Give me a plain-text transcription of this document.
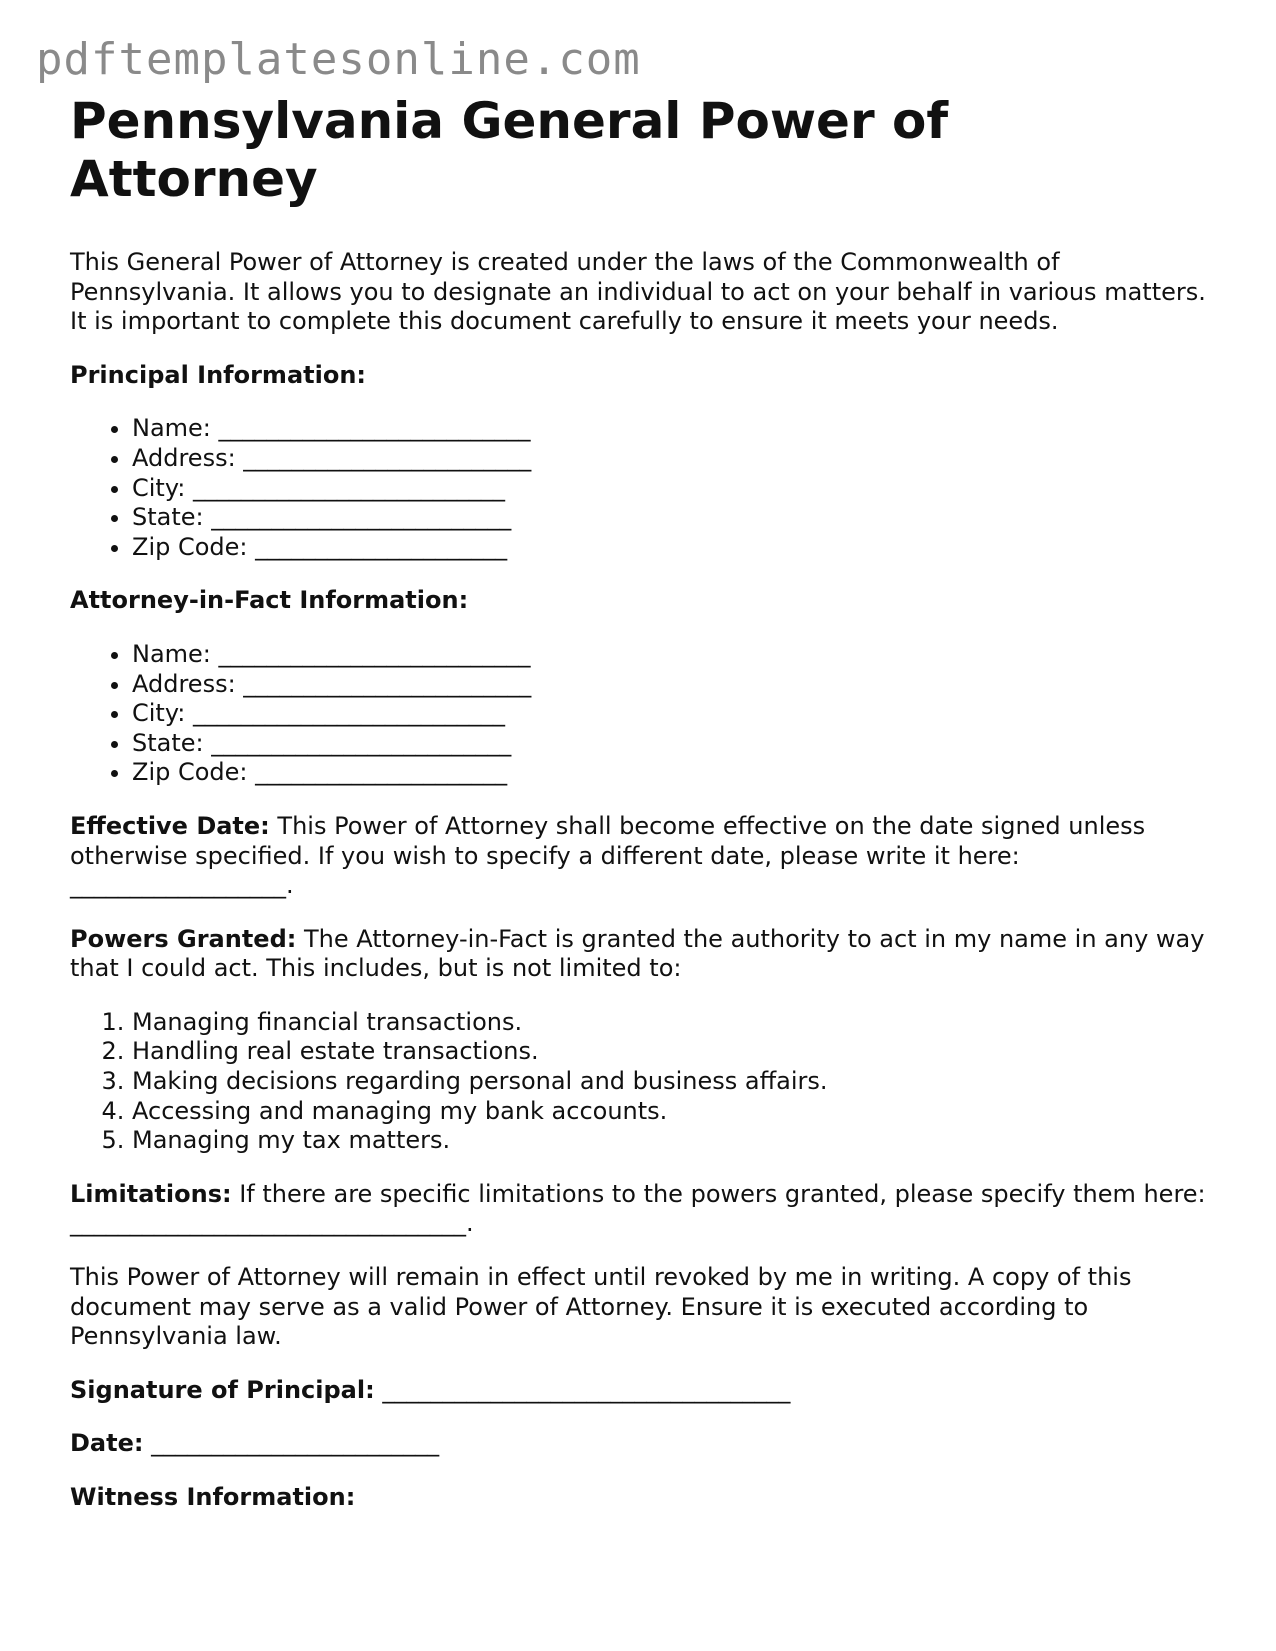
pdftemplatesonline.com
Pennsylvania General Power of Attorney

This General Power of Attorney is created under the laws of the Commonwealth of Pennsylvania. It allows you to designate an individual to act on your behalf in various matters. It is important to complete this document carefully to ensure it meets your needs.

Principal Information:
• Name: __________________________
• Address: ________________________
• City: __________________________
• State: _________________________
• Zip Code: _____________________
Attorney-in-Fact Information:
• Name: __________________________
• Address: ________________________
• City: __________________________
• State: _________________________
• Zip Code: _____________________

Effective Date: This Power of Attorney shall become effective on the date signed unless otherwise specified. If you wish to specify a different date, please write it here: __________________.

Powers Granted: The Attorney-in-Fact is granted the authority to act in my name in any way that I could act. This includes, but is not limited to:

1. Managing financial transactions.
2. Handling real estate transactions.
3. Making decisions regarding personal and business affairs.
4. Accessing and managing my bank accounts.
5. Managing my tax matters.

Limitations: If there are specific limitations to the powers granted, please specify them here: _________________________________.

This Power of Attorney will remain in effect until revoked by me in writing. A copy of this document may serve as a valid Power of Attorney. Ensure it is executed according to Pennsylvania law.

Signature of Principal: __________________________________

Date: ________________________

Witness Information:
